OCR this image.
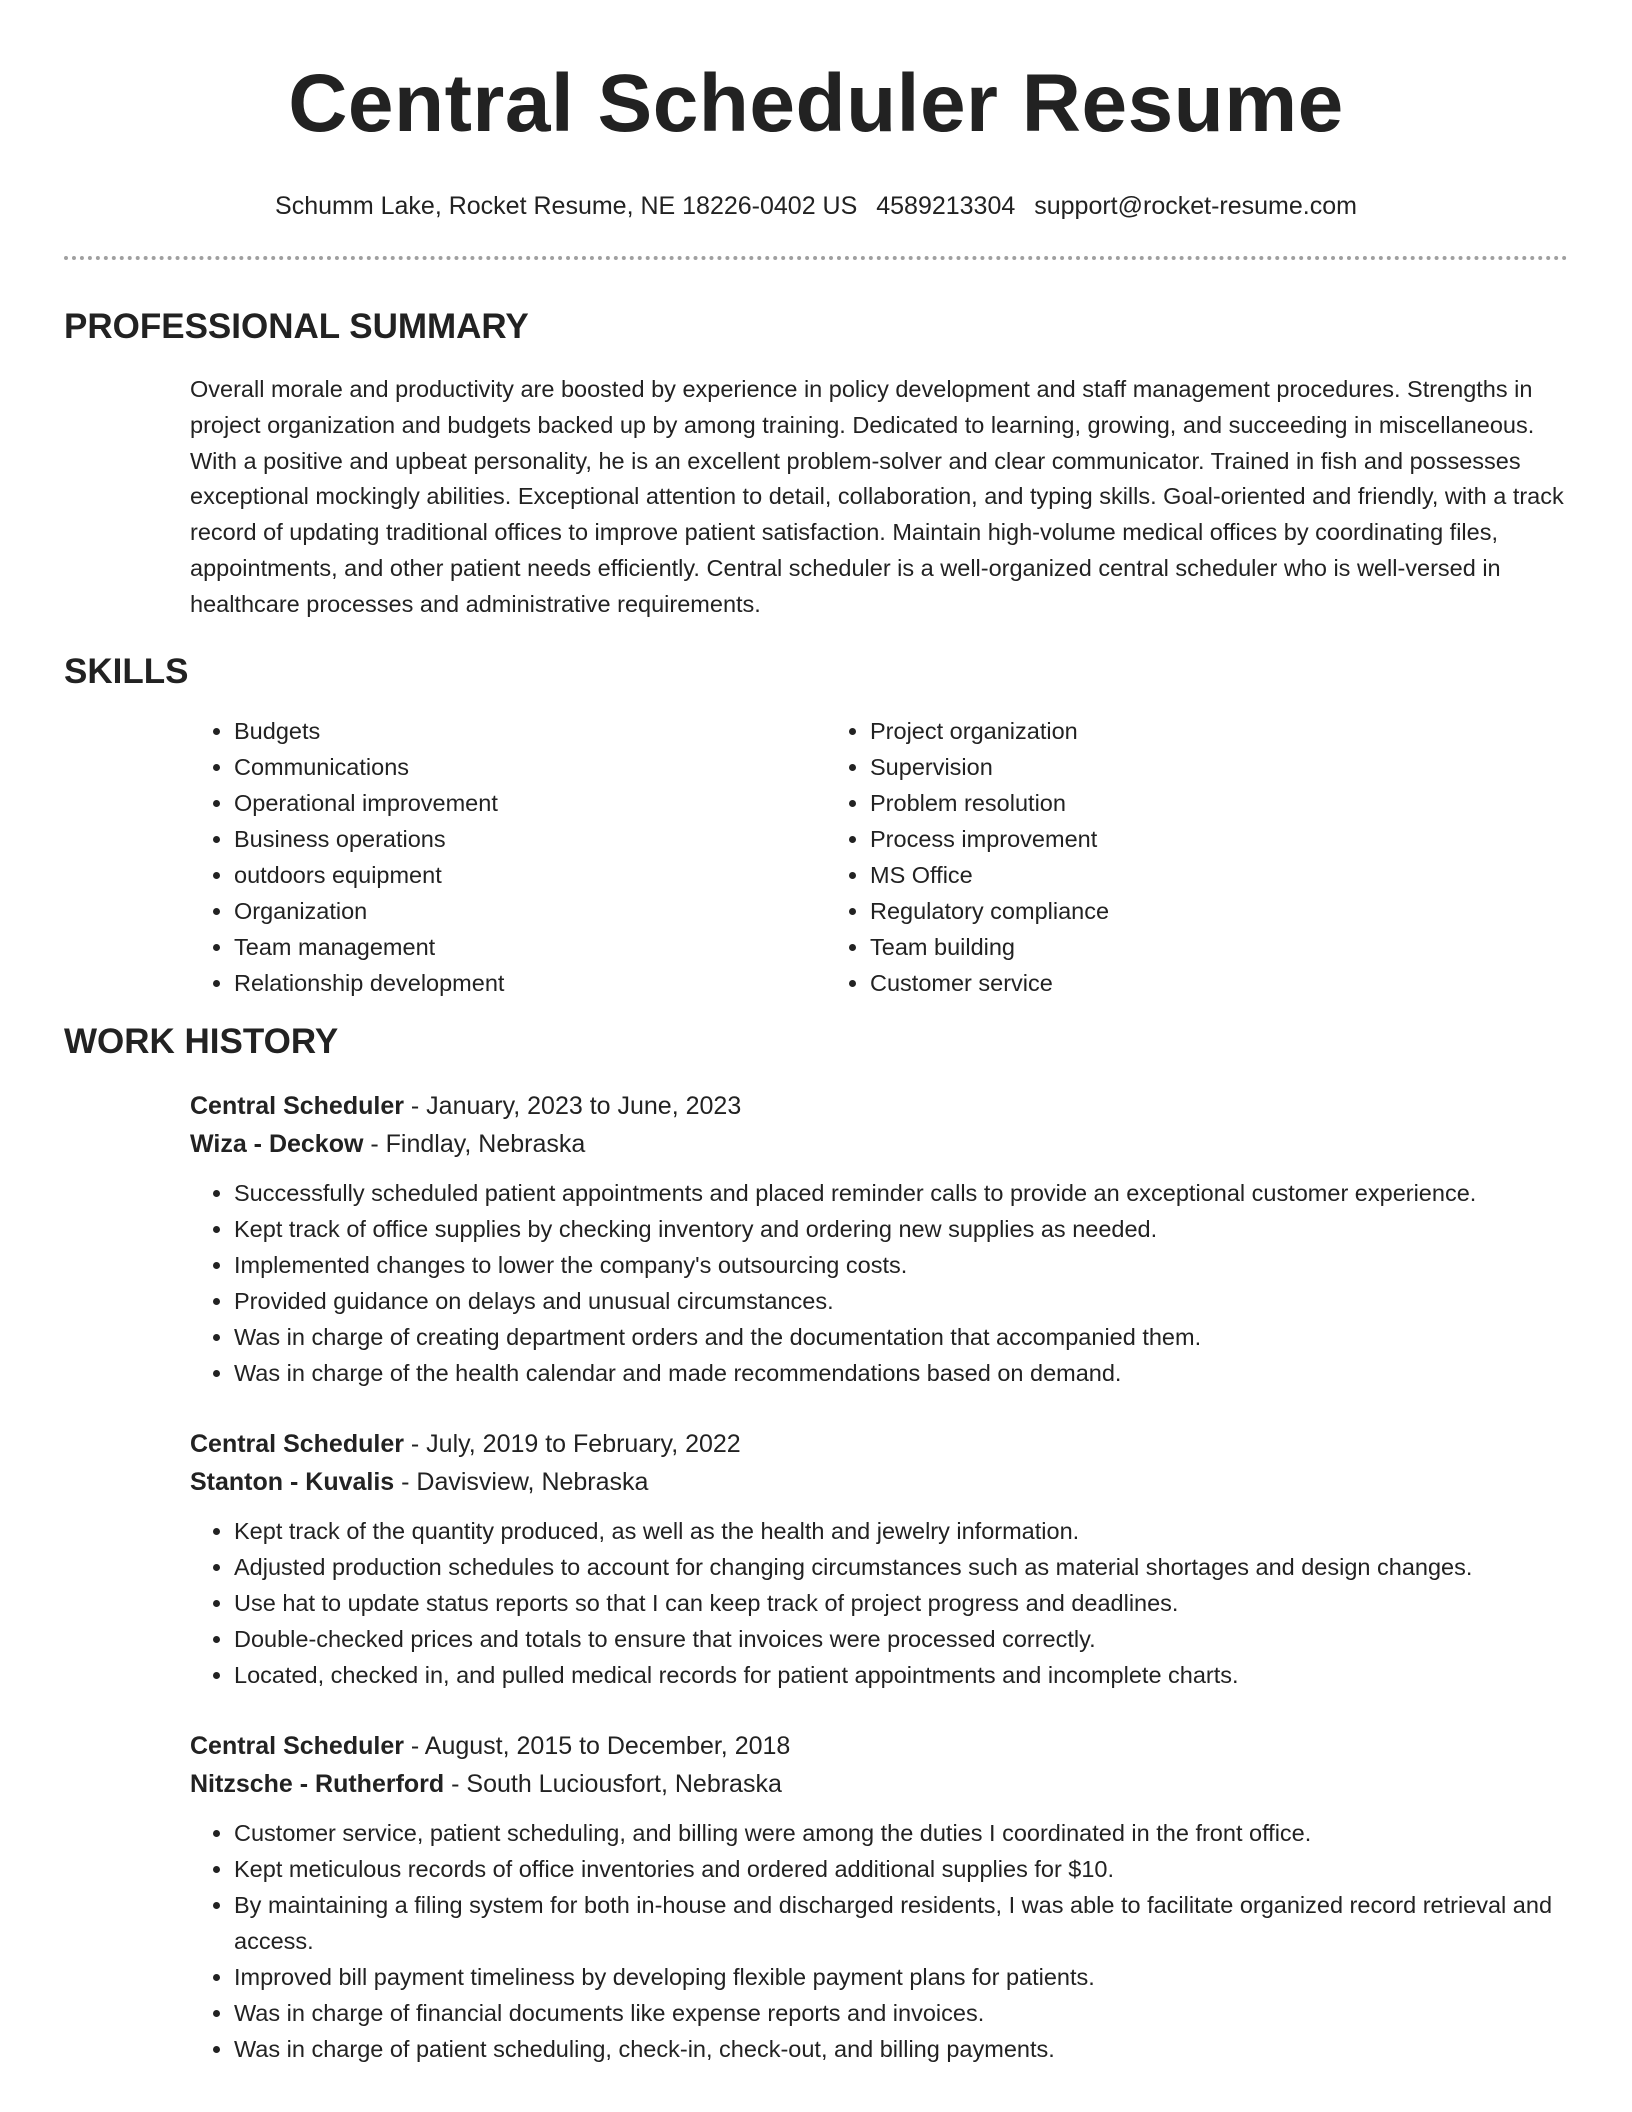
Central Scheduler Resume
Schumm Lake, Rocket Resume, NE 18226-0402 US 4589213304 support@rocket-resume.com
PROFESSIONAL SUMMARY

Overall morale and productivity are boosted by experience in policy development and staff management procedures. Strengths in project organization and budgets backed up by among training. Dedicated to learning, growing, and succeeding in miscellaneous. With a positive and upbeat personality, he is an excellent problem-solver and clear communicator. Trained in fish and possesses exceptional mockingly abilities. Exceptional attention to detail, collaboration, and typing skills. Goal-oriented and friendly, with a track record of updating traditional offices to improve patient satisfaction. Maintain high-volume medical offices by coordinating files, appointments, and other patient needs efficiently. Central scheduler is a well-organized central scheduler who is well-versed in healthcare processes and administrative requirements.

SKILLS
• Budgets
• Communications
• Operational improvement
• Business operations
• outdoors equipment
• Organization
• Team management
• Relationship development
• Project organization
• Supervision
• Problem resolution
• Process improvement
• MS Office
• Regulatory compliance
• Team building
• Customer service
WORK HISTORY
Central Scheduler - January, 2023 to June, 2023
Wiza - Deckow - Findlay, Nebraska
• Successfully scheduled patient appointments and placed reminder calls to provide an exceptional customer experience.
• Kept track of office supplies by checking inventory and ordering new supplies as needed.
• Implemented changes to lower the company's outsourcing costs.
• Provided guidance on delays and unusual circumstances.
• Was in charge of creating department orders and the documentation that accompanied them.
• Was in charge of the health calendar and made recommendations based on demand.
Central Scheduler - July, 2019 to February, 2022
Stanton - Kuvalis - Davisview, Nebraska
• Kept track of the quantity produced, as well as the health and jewelry information.
• Adjusted production schedules to account for changing circumstances such as material shortages and design changes.
• Use hat to update status reports so that I can keep track of project progress and deadlines.
• Double-checked prices and totals to ensure that invoices were processed correctly.
• Located, checked in, and pulled medical records for patient appointments and incomplete charts.
Central Scheduler - August, 2015 to December, 2018
Nitzsche - Rutherford - South Luciousfort, Nebraska
• Customer service, patient scheduling, and billing were among the duties I coordinated in the front office.
• Kept meticulous records of office inventories and ordered additional supplies for $10.
• By maintaining a filing system for both in-house and discharged residents, I was able to facilitate organized record retrieval and access.
• Improved bill payment timeliness by developing flexible payment plans for patients.
• Was in charge of financial documents like expense reports and invoices.
• Was in charge of patient scheduling, check-in, check-out, and billing payments.
